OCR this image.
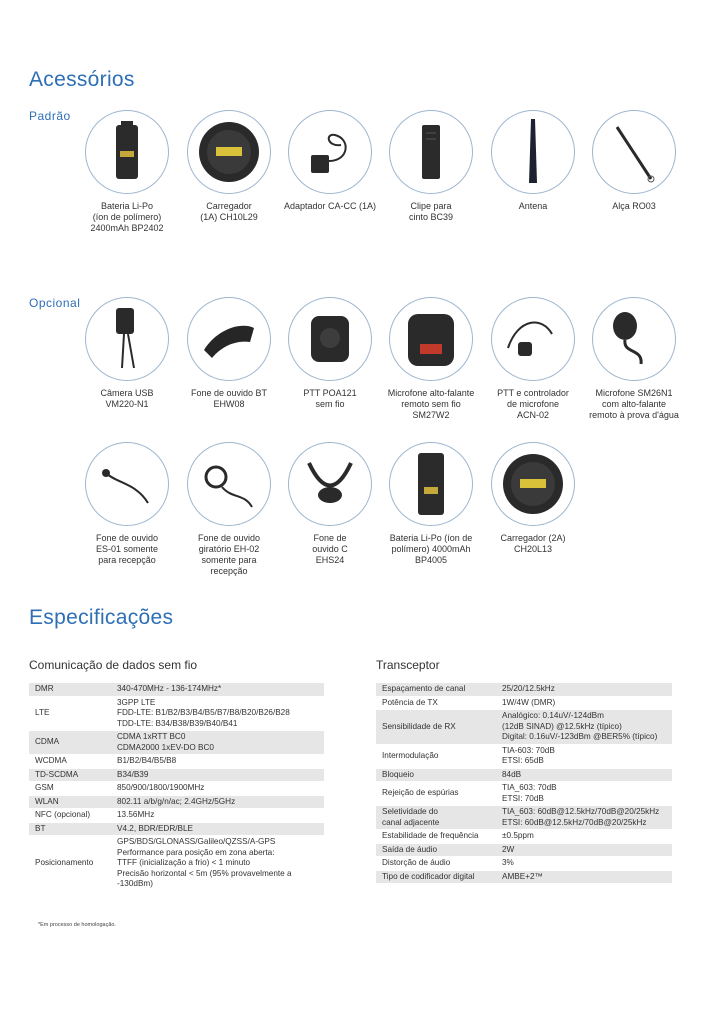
Acessórios
Padrão
Bateria Li-Po
(íon de polímero)
2400mAh BP2402
Carregador
(1A) CH10L29
Adaptador CA-CC (1A)	Clipe para
cinto BC39
Antena	Alça RO03
Opcional
Câmera USB
VM220-N1
Fone de ouvido BT
EHW08
PTT POA121
sem fio
Microfone alto-falante
remoto sem fio
SM27W2
PTT e controlador
de microfone
ACN-02
Microfone SM26N1
com alto-falante
remoto à prova d'água
Fone de ouvido
ES-01 somente
para recepção
Fone de ouvido
giratório EH-02
somente para
recepção
Fone de
ouvido C
EHS24
Bateria Li-Po (íon de
polímero) 4000mAh
BP4005
Carregador (2A)
CH20L13
Especificações
Comunicação de dados sem fio	Transceptor
DMR	340-470MHz - 136-174MHz*
LTE	3GPP LTE
FDD-LTE: B1/B2/B3/B4/B5/B7/B8/B20/B26/B28
TDD-LTE: B34/B38/B39/B40/B41
CDMA	CDMA 1xRTT BC0
CDMA2000 1xEV-DO BC0
WCDMA	B1/B2/B4/B5/B8
TD-SCDMA	B34/B39
GSM	850/900/1800/1900MHz
WLAN	802.11 a/b/g/n/ac; 2.4GHz/5GHz
NFC (opcional)	13.56MHz
BT	V4.2, BDR/EDR/BLE
Posicionamento	GPS/BDS/GLONASS/Galileo/QZSS/A-GPS
Performance para posição em zona aberta:
TTFF (inicialização a frio) < 1 minuto
Precisão horizontal < 5m (95% provavelmente a -130dBm)
Espaçamento de canal	25/20/12.5kHz
Potência de TX	1W/4W (DMR)
Sensibilidade de RX	Analógico: 0.14uV/-124dBm
(12dB SINAD) @12.5kHz (típico)
Digital: 0.16uV/-123dBm @BER5% (típico)
Intermodulação	TIA-603: 70dB
ETSI: 65dB
Bloqueio	84dB
Rejeição de espúrias	TIA_603: 70dB
ETSI: 70dB
Seletividade do
canal adjacente	TIA_603: 60dB@12.5kHz/70dB@20/25kHz
ETSI: 60dB@12.5kHz/70dB@20/25kHz
Estabilidade de frequência	±0.5ppm
Saída de áudio	2W
Distorção de áudio	3%
Tipo de codificador digital	AMBE+2™
*Em processo de homologação.
